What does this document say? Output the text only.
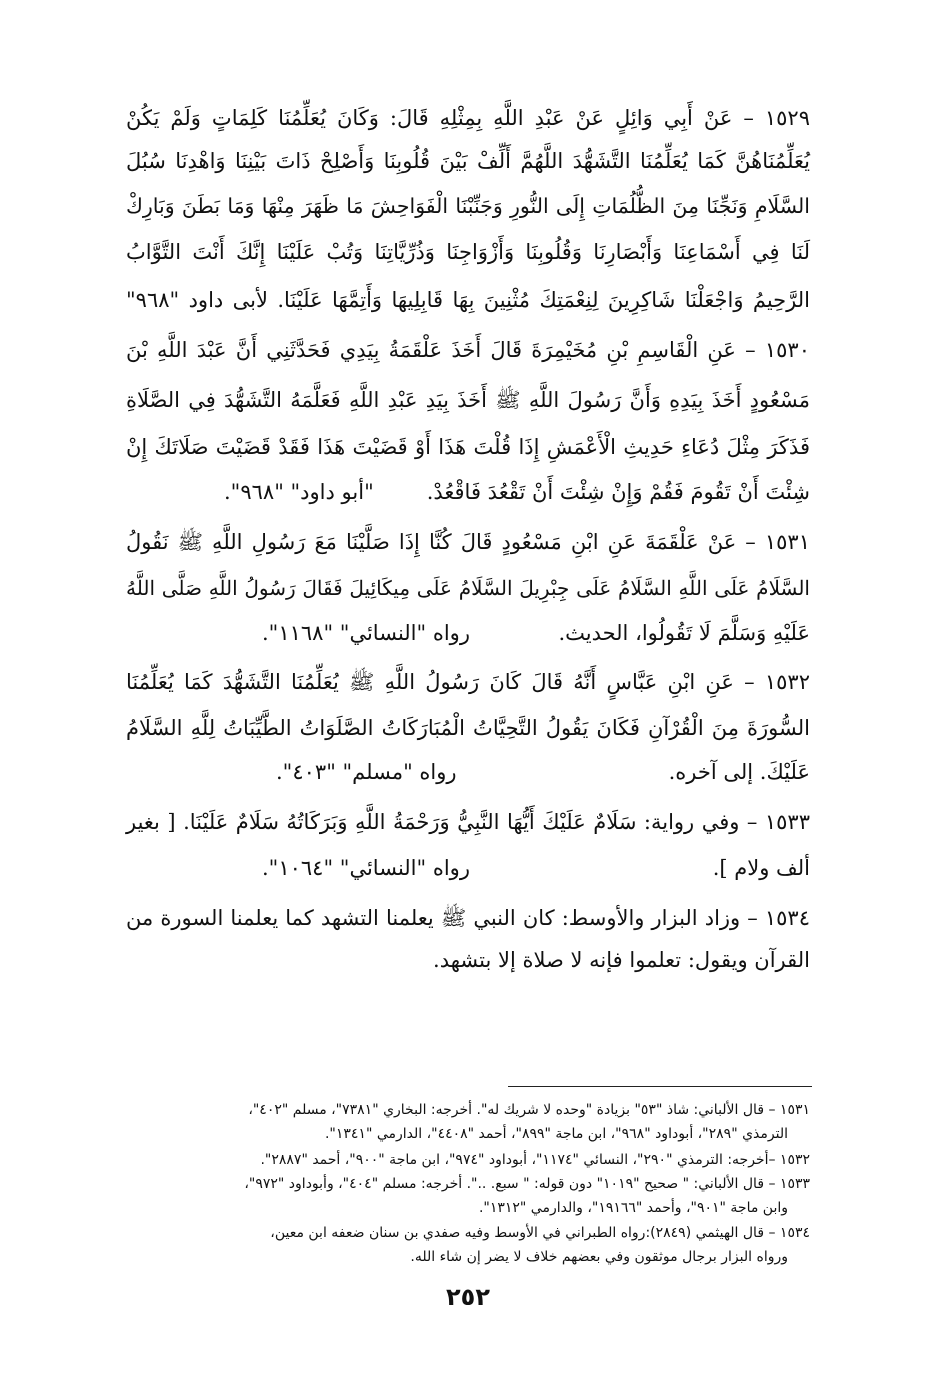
١٥٢٩ – عَنْ أَبِي وَائِلٍ عَنْ عَبْدِ اللَّهِ بِمِثْلِهِ قَالَ: وَكَانَ يُعَلِّمُنَا كَلِمَاتٍ وَلَمْ يَكُنْ
يُعَلِّمُنَاهُنَّ كَمَا يُعَلِّمُنَا التَّشَهُّدَ اللَّهُمَّ أَلِّفْ بَيْنَ قُلُوبِنَا وَأَصْلِحْ ذَاتَ بَيْنِنَا وَاهْدِنَا سُبُلَ
السَّلَامِ وَنَجِّنَا مِنَ الظُّلُمَاتِ إِلَى النُّورِ وَجَنِّبْنَا الْفَوَاحِشَ مَا ظَهَرَ مِنْهَا وَمَا بَطَنَ وَبَارِكْ
لَنَا فِي أَسْمَاعِنَا وَأَبْصَارِنَا وَقُلُوبِنَا وَأَزْوَاجِنَا وَذُرِّيَّاتِنَا وَتُبْ عَلَيْنَا إِنَّكَ أَنْتَ التَّوَّابُ
الرَّحِيمُ وَاجْعَلْنَا شَاكِرِينَ لِنِعْمَتِكَ مُثْنِينَ بِهَا قَابِلِيهَا وَأَتِمَّهَا عَلَيْنَا. لأبى داود "٩٦٨"
١٥٣٠ – عَنِ الْقَاسِمِ بْنِ مُخَيْمِرَةَ قَالَ أَخَذَ عَلْقَمَةُ بِيَدِي فَحَدَّثَنِي أَنَّ عَبْدَ اللَّهِ بْنَ
مَسْعُودٍ أَخَذَ بِيَدِهِ وَأَنَّ رَسُولَ اللَّهِ ﷺ أَخَذَ بِيَدِ عَبْدِ اللَّهِ فَعَلَّمَهُ التَّشَهُّدَ فِي الصَّلَاةِ
فَذَكَرَ مِثْلَ دُعَاءِ حَدِيثِ الْأَعْمَشِ إِذَا قُلْتَ هَذَا أَوْ قَضَيْتَ هَذَا فَقَدْ قَضَيْتَ صَلَاتَكَ إِنْ
شِئْتَ أَنْ تَقُومَ فَقُمْ وَإِنْ شِئْتَ أَنْ تَقْعُدَ فَاقْعُدْ.
"أبو داود" "٩٦٨".
١٥٣١ – عَنْ عَلْقَمَةَ عَنِ ابْنِ مَسْعُودٍ قَالَ كُنَّا إِذَا صَلَّيْنَا مَعَ رَسُولِ اللَّهِ ﷺ نَقُولُ
السَّلَامُ عَلَى اللَّهِ السَّلَامُ عَلَى جِبْرِيلَ السَّلَامُ عَلَى مِيكَائِيلَ فَقَالَ رَسُولُ اللَّهِ صَلَّى اللَّهُ
عَلَيْهِ وَسَلَّمَ لَا تَقُولُوا، الحديث.
رواه "النسائي" "١١٦٨".
١٥٣٢ – عَنِ ابْنِ عَبَّاسٍ أَنَّهُ قَالَ كَانَ رَسُولُ اللَّهِ ﷺ يُعَلِّمُنَا التَّشَهُّدَ كَمَا يُعَلِّمُنَا
السُّورَةَ مِنَ الْقُرْآنِ فَكَانَ يَقُولُ التَّحِيَّاتُ الْمُبَارَكَاتُ الصَّلَوَاتُ الطَّيِّبَاتُ لِلَّهِ السَّلَامُ
عَلَيْكَ. إلى آخره.
رواه "مسلم" "٤٠٣".
١٥٣٣ – وفي رواية: سَلَامٌ عَلَيْكَ أَيُّهَا النَّبِيُّ وَرَحْمَةُ اللَّهِ وَبَرَكَاتُهُ سَلَامٌ عَلَيْنَا. [ بغير
ألف ولام ].
رواه "النسائي" "١٠٦٤".
١٥٣٤ – وزاد البزار والأوسط: كان النبي ﷺ يعلمنا التشهد كما يعلمنا السورة من
القرآن ويقول: تعلموا فإنه لا صلاة إلا بتشهد.
١٥٣١ – قال الألباني: شاذ "٥٣" بزيادة "وحده لا شريك له". أخرجه: البخاري "٧٣٨١"، مسلم "٤٠٢"،
الترمذي "٢٨٩"، أبوداود "٩٦٨"، ابن ماجة "٨٩٩"، أحمد "٤٤٠٨"، الدارمي "١٣٤١".
١٥٣٢ –أخرجه: الترمذي "٢٩٠"، النسائي "١١٧٤"، أبوداود "٩٧٤"، ابن ماجة "٩٠٠"، أحمد "٢٨٨٧".
١٥٣٣ – قال الألباني: " صحيح "١٠١٩" دون قوله: " سبع. ..". أخرجه: مسلم "٤٠٤"، وأبوداود "٩٧٢"،
وابن ماجة "٩٠١"، وأحمد "١٩١٦٦"، والدارمي "١٣١٢".
١٥٣٤ – قال الهيثمي (٢٨٤٩):رواه الطبراني في الأوسط وفيه صفدي بن سنان ضعفه ابن معين،
ورواه البزار برجال موثقون وفي بعضهم خلاف لا يضر إن شاء الله.
٢٥٢
